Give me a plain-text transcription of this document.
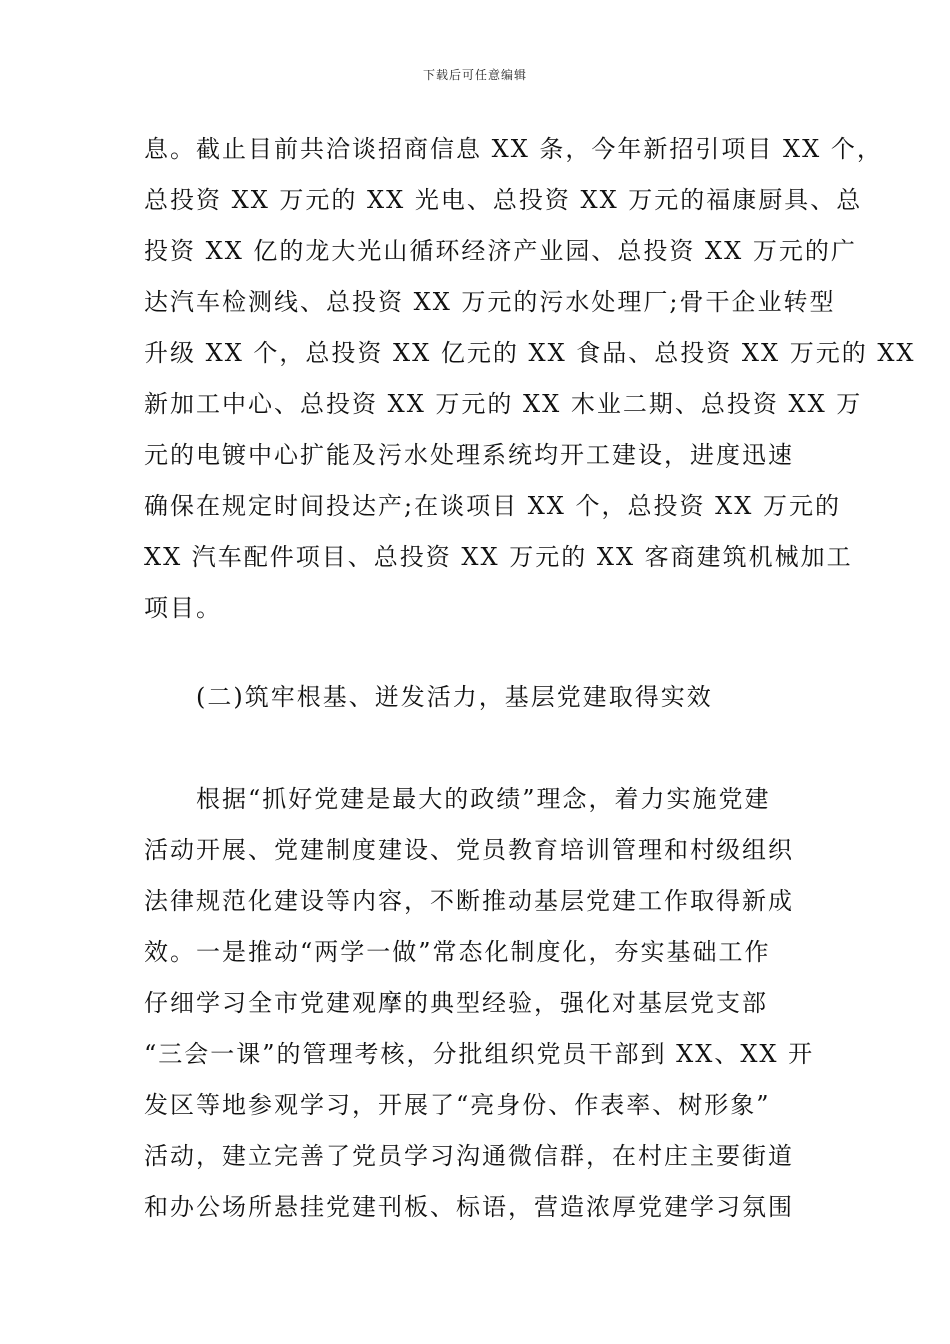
下载后可任意编辑
息。截止目前共洽谈招商信息 XX 条，今年新招引项目 XX 个，
总投资 XX 万元的 XX 光电、总投资 XX 万元的福康厨具、总
投资 XX 亿的龙大光山循环经济产业园、总投资 XX 万元的广
达汽车检测线、总投资 XX 万元的污水处理厂;骨干企业转型
升级 XX 个，总投资 XX 亿元的 XX 食品、总投资 XX 万元的 XX
新加工中心、总投资 XX 万元的 XX 木业二期、总投资 XX 万
元的电镀中心扩能及污水处理系统均开工建设，进度迅速
确保在规定时间投达产;在谈项目 XX 个，总投资 XX 万元的
XX 汽车配件项目、总投资 XX 万元的 XX 客商建筑机械加工
项目。
(二)筑牢根基、迸发活力，基层党建取得实效
根据“抓好党建是最大的政绩”理念，着力实施党建
活动开展、党建制度建设、党员教育培训管理和村级组织
法律规范化建设等内容，不断推动基层党建工作取得新成
效。一是推动“两学一做”常态化制度化，夯实基础工作
仔细学习全市党建观摩的典型经验，强化对基层党支部
“三会一课”的管理考核，分批组织党员干部到 XX、XX 开
发区等地参观学习，开展了“亮身份、作表率、树形象”
活动，建立完善了党员学习沟通微信群，在村庄主要街道
和办公场所悬挂党建刊板、标语，营造浓厚党建学习氛围
